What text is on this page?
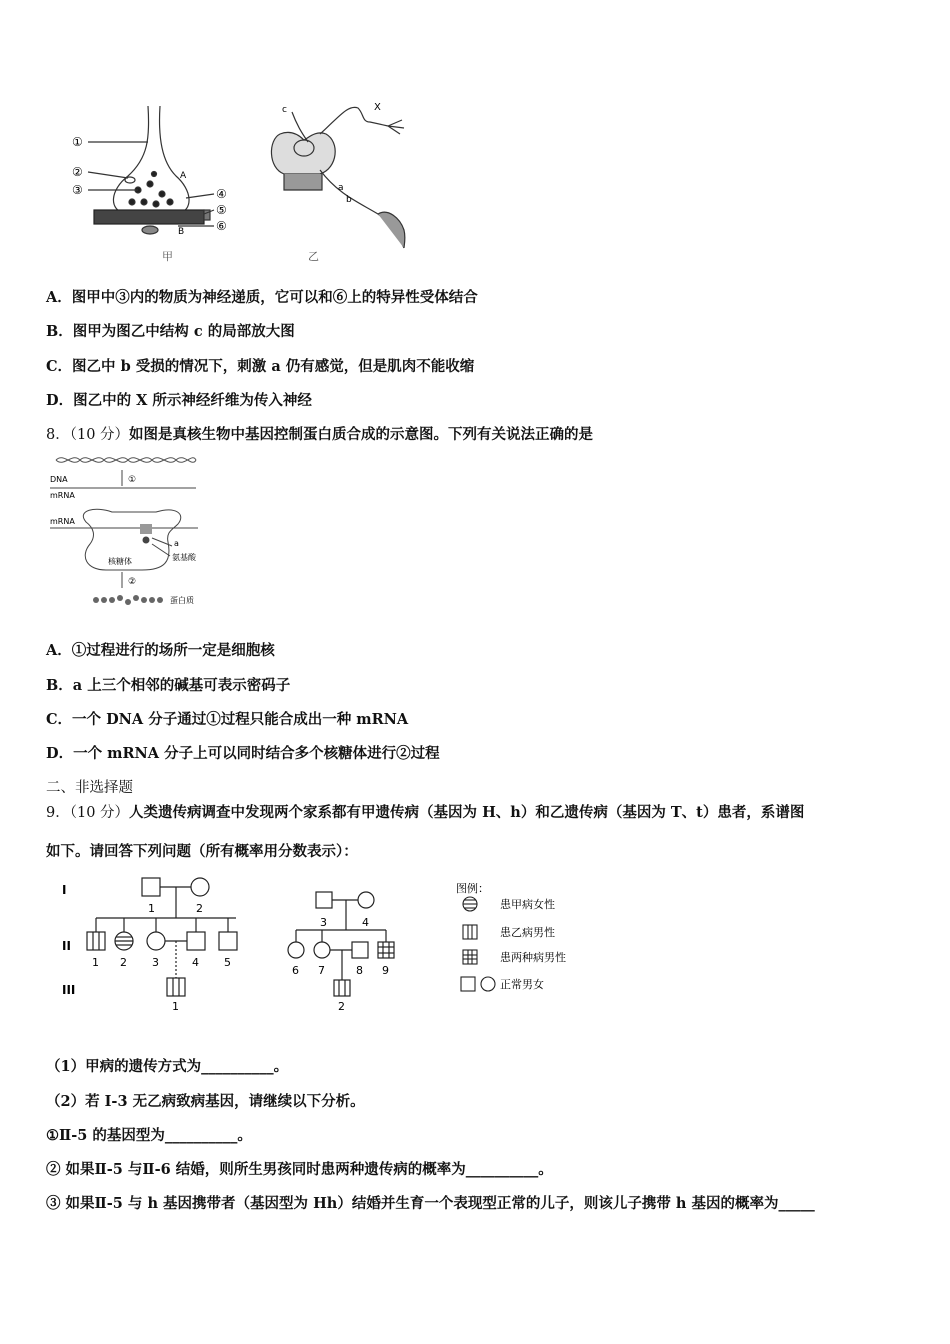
①
②
③	④
⑤
⑥
A
B
甲
c	X
a
b
乙
A．图甲中③内的物质为神经递质，它可以和⑥上的特异性受体结合
B．图甲为图乙中结构 c 的局部放大图
C．图乙中 b 受损的情况下，刺激 a 仍有感觉，但是肌肉不能收缩
D．图乙中的 X 所示神经纤维为传入神经
8．（10 分）如图是真核生物中基因控制蛋白质合成的示意图。下列有关说法正确的是
DNA
mRNA
mRNA
①
②
a
氨基酸
核糖体
蛋白质
A．①过程进行的场所一定是细胞核
B．a 上三个相邻的碱基可表示密码子
C．一个 DNA 分子通过①过程只能合成出一种 mRNA
D．一个 mRNA 分子上可以同时结合多个核糖体进行②过程
二、非选择题
9．（10 分）人类遗传病调查中发现两个家系都有甲遗传病（基因为 H、h）和乙遗传病（基因为 T、t）患者，系谱图
如下。请回答下列问题（所有概率用分数表示）：
I
II
III
1	2
1 2 3	4 5
1
3	4
6 7	8 9
2
图例：
患甲病女性
患乙病男性
患两种病男性
正常男女
（1）甲病的遗传方式为__________。
（2）若 I-3 无乙病致病基因，请继续以下分析。
①Ⅱ-5 的基因型为__________。
② 如果Ⅱ-5 与Ⅱ-6 结婚，则所生男孩同时患两种遗传病的概率为__________。
③ 如果Ⅱ-5 与 h 基因携带者（基因型为 Hh）结婚并生育一个表现型正常的儿子，则该儿子携带 h 基因的概率为_____
